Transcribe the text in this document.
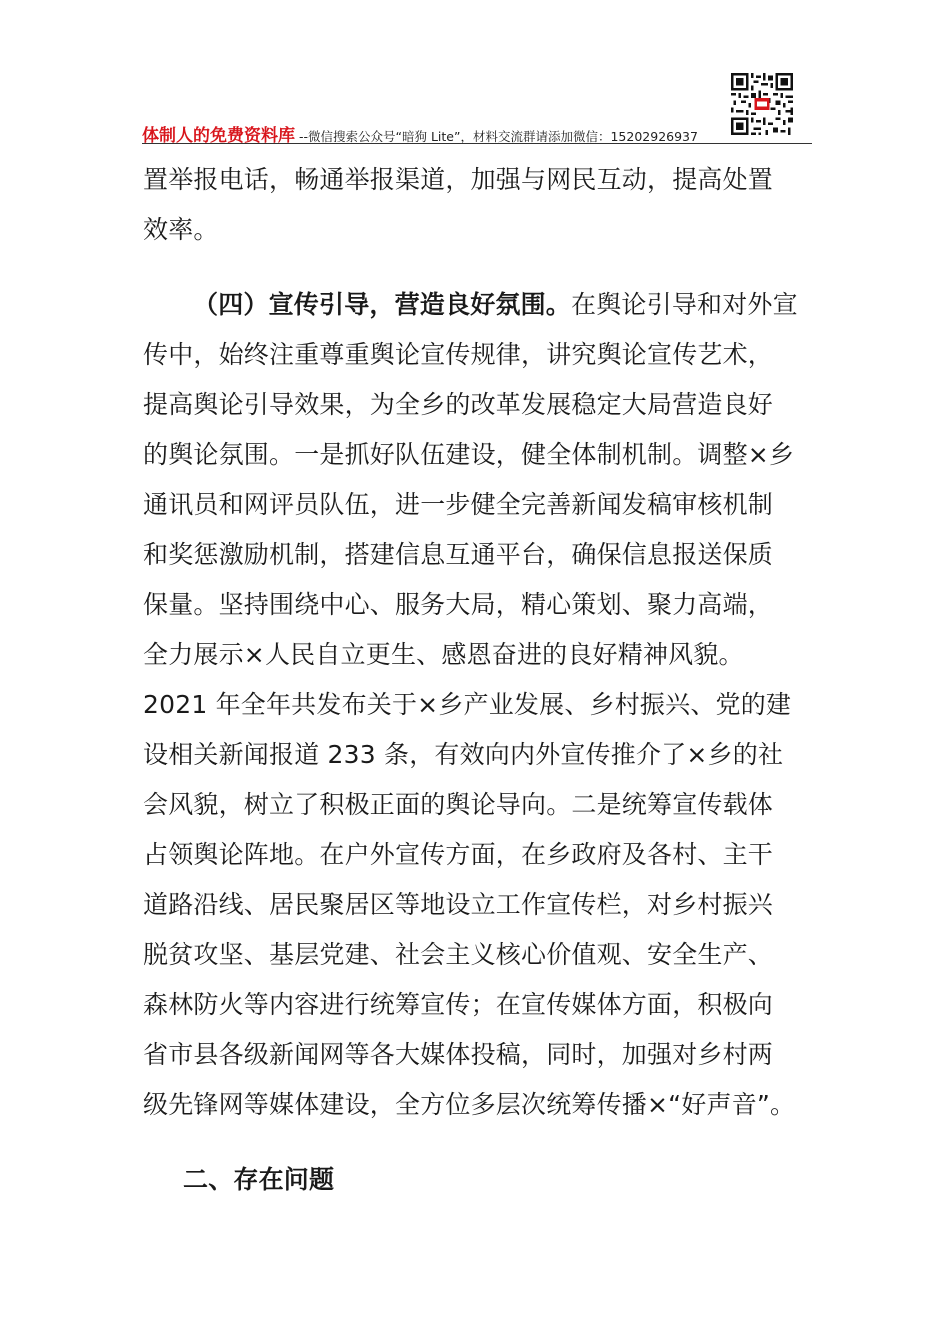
体制人的免费资料库 --微信搜索公众号“暗狗 Lite”，材料交流群请添加微信：15202926937
置举报电话，畅通举报渠道，加强与网民互动，提高处置
效率。
（四）宣传引导，营造良好氛围。在舆论引导和对外宣
传中，始终注重尊重舆论宣传规律，讲究舆论宣传艺术，
提高舆论引导效果，为全乡的改革发展稳定大局营造良好
的舆论氛围。一是抓好队伍建设，健全体制机制。调整×乡
通讯员和网评员队伍，进一步健全完善新闻发稿审核机制
和奖惩激励机制，搭建信息互通平台，确保信息报送保质
保量。坚持围绕中心、服务大局，精心策划、聚力高端，
全力展示×人民自立更生、感恩奋进的良好精神风貌。
2021 年全年共发布关于×乡产业发展、乡村振兴、党的建
设相关新闻报道 233 条，有效向内外宣传推介了×乡的社
会风貌，树立了积极正面的舆论导向。二是统筹宣传载体
占领舆论阵地。在户外宣传方面，在乡政府及各村、主干
道路沿线、居民聚居区等地设立工作宣传栏，对乡村振兴
脱贫攻坚、基层党建、社会主义核心价值观、安全生产、
森林防火等内容进行统筹宣传；在宣传媒体方面，积极向
省市县各级新闻网等各大媒体投稿，同时，加强对乡村两
级先锋网等媒体建设，全方位多层次统筹传播×“好声音”。
二、存在问题
